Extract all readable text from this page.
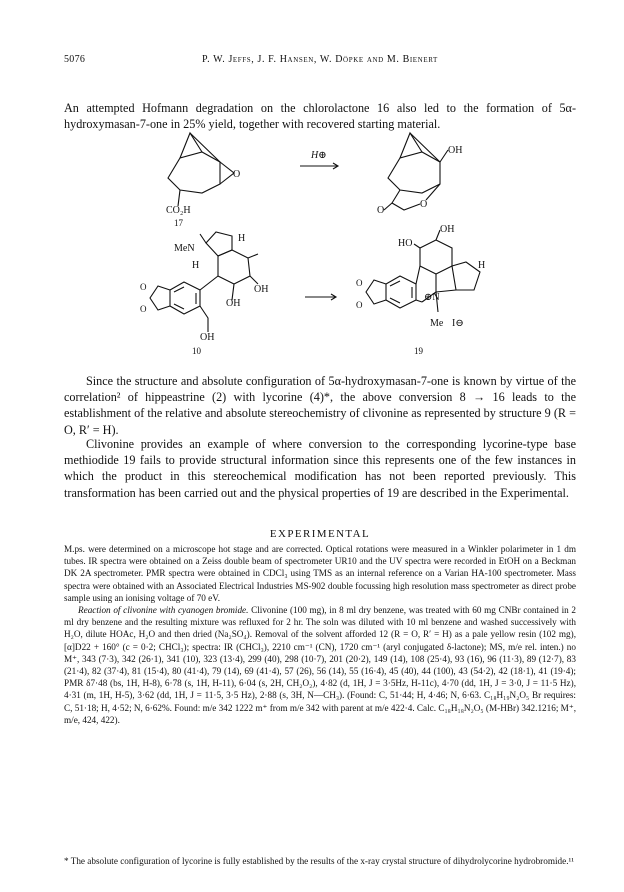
5076	P. W. Jeffs, J. F. Hansen, W. Döpke and M. Bienert

An attempted Hofmann degradation on the chlorolactone 16 also led to the formation of 5α-hydroxymasan-7-one in 25% yield, together with recovered starting material.

O
CO₂H
17
H⊕	OH
O
O
MeN
H
H
OH
OH
OH
O
O
10
OH
HO
H
⊕N
Me I⊖
O
O
19

Since the structure and absolute configuration of 5α-hydroxymasan-7-one is known by virtue of the correlation² of hippeastrine (2) with lycorine (4)*, the above conversion 8 → 16 leads to the establishment of the relative and absolute stereochemistry of clivonine as represented by structure 9 (R = O, R′ = H).

Clivonine provides an example of where conversion to the corresponding lycorine-type base methiodide 19 fails to provide structural information since this represents one of the few instances in which the product in this stereochemical modification has not been reported previously. This transformation has been carried out and the physical properties of 19 are described in the Experimental.

EXPERIMENTAL

M.ps. were determined on a microscope hot stage and are corrected. Optical rotations were measured in a Winkler polarimeter in 1 dm tubes. IR spectra were obtained on a Zeiss double beam of spectrometer UR10 and the UV spectra were recorded in EtOH on a Beckman DK 2A spectrometer. PMR spectra were obtained in CDCl₃ using TMS as an internal reference on a Varian HA-100 spectrometer. Mass spectra were obtained with an Associated Electrical Industries MS-902 double focussing high resolution mass spectrometer as direct probe sample using an ionising voltage of 70 eV.

Reaction of clivonine with cyanogen bromide. Clivonine (100 mg), in 8 ml dry benzene, was treated with 60 mg CNBr contained in 2 ml dry benzene and the resulting mixture was refluxed for 2 hr. The soln was diluted with 10 ml benzene and washed successively with H₂O, dilute HOAc, H₂O and then dried (Na₂SO₄). Removal of the solvent afforded 12 (R = O, R′ = H) as a pale yellow resin (102 mg), [α]D22 + 160° (c = 0·2; CHCl₃); spectra: IR (CHCl₃), 2210 cm⁻¹ (CN), 1720 cm⁻¹ (aryl conjugated δ-lactone); MS, m/e rel. inten.) no M⁺, 343 (7·3), 342 (26·1), 341 (10), 323 (13·4), 299 (40), 298 (10·7), 201 (20·2), 149 (14), 108 (25·4), 93 (16), 96 (11·3), 89 (12·7), 83 (21·4), 82 (37·4), 81 (15·4), 80 (41·4), 79 (14), 69 (41·4), 57 (26), 56 (14), 55 (16·4), 45 (40), 44 (100), 43 (54·2), 42 (18·1), 41 (19·4); PMR δ7·48 (bs, 1H, H-8), 6·78 (s, 1H, H-11), 6·04 (s, 2H, CH₂O₂), 4·82 (d, 1H, J = 3·5Hz, H-11c), 4·70 (dd, 1H, J = 3·0, J = 11·5 Hz), 4·31 (m, 1H, H-5), 3·62 (dd, 1H, J = 11·5, 3·5 Hz), 2·88 (s, 3H, N—CH₃). (Found: C, 51·44; H, 4·46; N, 6·63. C₁₈H₁₉N₂O₅ Br requires: C, 51·18; H, 4·52; N, 6·62%. Found: m/e 342 1222 m⁺ from m/e 342 with parent at m/e 422·4. Calc. C₁₈H₁₈N₂O₅ (M-HBr) 342.1216; M⁺, m/e, 424, 422).

* The absolute configuration of lycorine is fully established by the results of the x-ray crystal structure of dihydrolycorine hydrobromide.¹¹
